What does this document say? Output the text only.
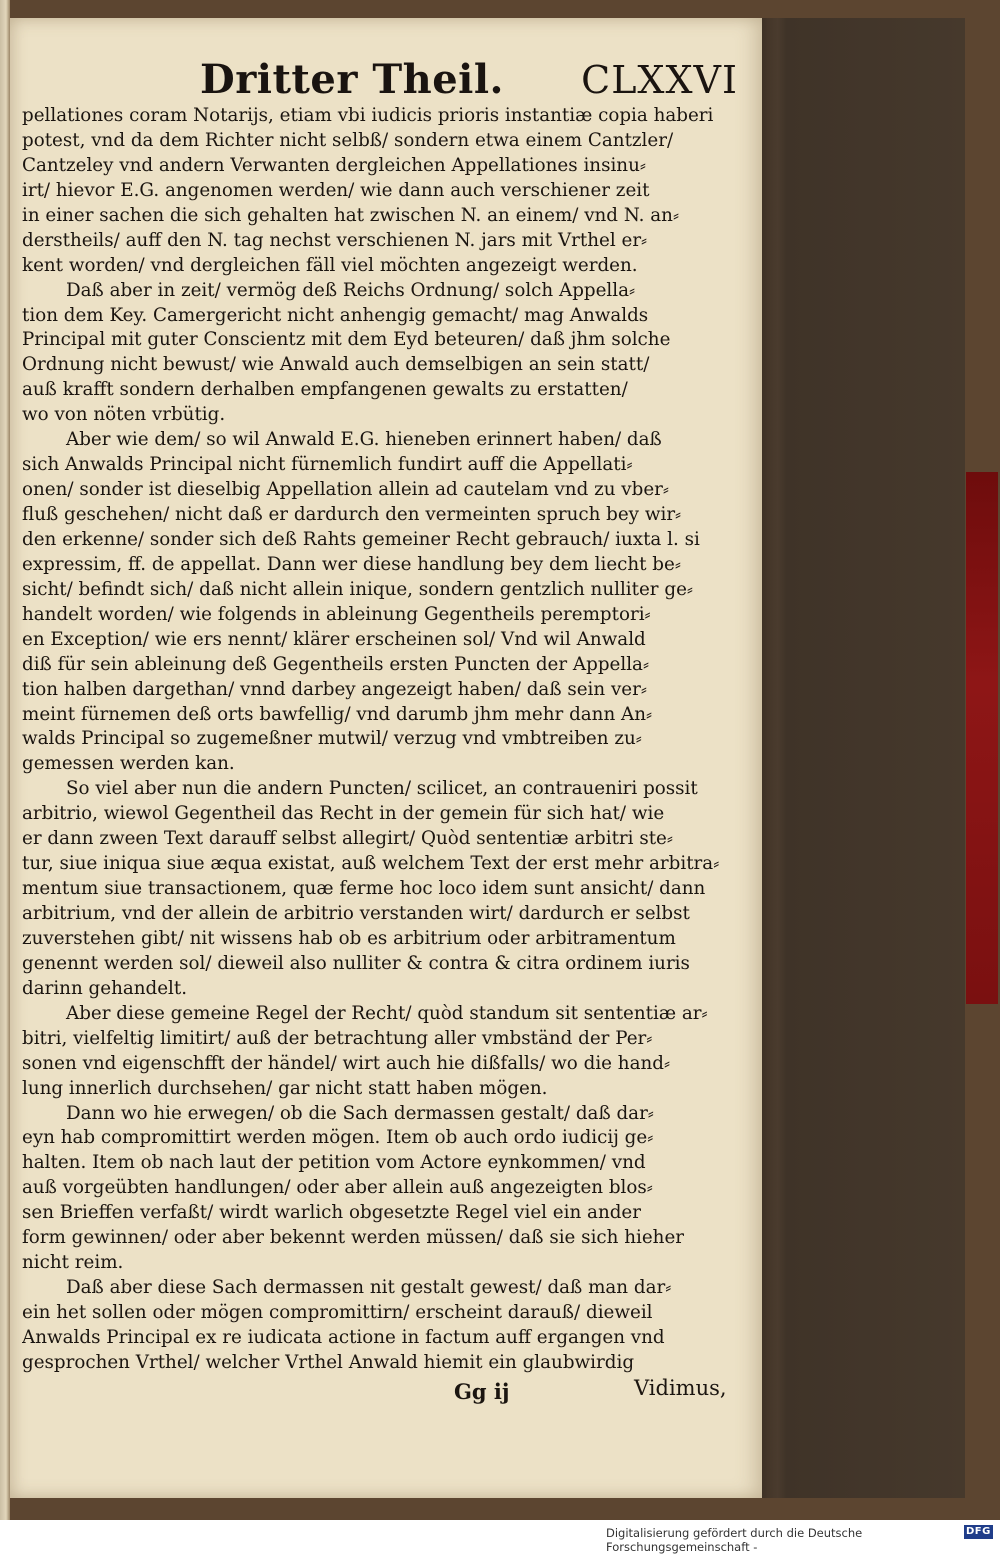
Dritter Theil. CLXXVI
pellationes coram Notarijs, etiam vbi iudicis prioris instantiæ copia haberi
potest, vnd da dem Richter nicht selbß/ sondern etwa einem Cantzler/
Cantzeley vnd andern Verwanten dergleichen Appellationes insinu⸗
irt/ hievor E.G. angenomen werden/ wie dann auch verschiener zeit
in einer sachen die sich gehalten hat zwischen N. an einem/ vnd N. an⸗
derstheils/ auff den N. tag nechst verschienen N. jars mit Vrthel er⸗
kent worden/ vnd dergleichen fäll viel möchten angezeigt werden.
Daß aber in zeit/ vermög deß Reichs Ordnung/ solch Appella⸗
tion dem Key. Camergericht nicht anhengig gemacht/ mag Anwalds
Principal mit guter Conscientz mit dem Eyd beteuren/ daß jhm solche
Ordnung nicht bewust/ wie Anwald auch demselbigen an sein statt/
auß krafft sondern derhalben empfangenen gewalts zu erstatten/
wo von nöten vrbütig.
Aber wie dem/ so wil Anwald E.G. hieneben erinnert haben/ daß
sich Anwalds Principal nicht fürnemlich fundirt auff die Appellati⸗
onen/ sonder ist dieselbig Appellation allein ad cautelam vnd zu vber⸗
fluß geschehen/ nicht daß er dardurch den vermeinten spruch bey wir⸗
den erkenne/ sonder sich deß Rahts gemeiner Recht gebrauch/ iuxta l. si
expressim, ff. de appellat. Dann wer diese handlung bey dem liecht be⸗
sicht/ befindt sich/ daß nicht allein inique, sondern gentzlich nulliter ge⸗
handelt worden/ wie folgends in ableinung Gegentheils peremptori⸗
en Exception/ wie ers nennt/ klärer erscheinen sol/ Vnd wil Anwald
diß für sein ableinung deß Gegentheils ersten Puncten der Appella⸗
tion halben dargethan/ vnnd darbey angezeigt haben/ daß sein ver⸗
meint fürnemen deß orts bawfellig/ vnd darumb jhm mehr dann An⸗
walds Principal so zugemeßner mutwil/ verzug vnd vmbtreiben zu⸗
gemessen werden kan.
So viel aber nun die andern Puncten/ scilicet, an contraueniri possit
arbitrio, wiewol Gegentheil das Recht in der gemein für sich hat/ wie
er dann zween Text darauff selbst allegirt/ Quòd sententiæ arbitri ste⸗
tur, siue iniqua siue æqua existat, auß welchem Text der erst mehr arbitra⸗
mentum siue transactionem, quæ ferme hoc loco idem sunt ansicht/ dann
arbitrium, vnd der allein de arbitrio verstanden wirt/ dardurch er selbst
zuverstehen gibt/ nit wissens hab ob es arbitrium oder arbitramentum
genennt werden sol/ dieweil also nulliter & contra & citra ordinem iuris
darinn gehandelt.
Aber diese gemeine Regel der Recht/ quòd standum sit sententiæ ar⸗
bitri, vielfeltig limitirt/ auß der betrachtung aller vmbständ der Per⸗
sonen vnd eigenschfft der händel/ wirt auch hie dißfalls/ wo die hand⸗
lung innerlich durchsehen/ gar nicht statt haben mögen.
Dann wo hie erwegen/ ob die Sach dermassen gestalt/ daß dar⸗
eyn hab compromittirt werden mögen. Item ob auch ordo iudicij ge⸗
halten. Item ob nach laut der petition vom Actore eynkommen/ vnd
auß vorgeübten handlungen/ oder aber allein auß angezeigten blos⸗
sen Brieffen verfaßt/ wirdt warlich obgesetzte Regel viel ein ander
form gewinnen/ oder aber bekennt werden müssen/ daß sie sich hieher
nicht reim.
Daß aber diese Sach dermassen nit gestalt gewest/ daß man dar⸗
ein het sollen oder mögen compromittirn/ erscheint darauß/ dieweil
Anwalds Principal ex re iudicata actione in factum auff ergangen vnd
gesprochen Vrthel/ welcher Vrthel Anwald hiemit ein glaubwirdig
Gg ij	Vidimus,
Digitalisierung gefördert durch die Deutsche Forschungsgemeinschaft -
DFG
